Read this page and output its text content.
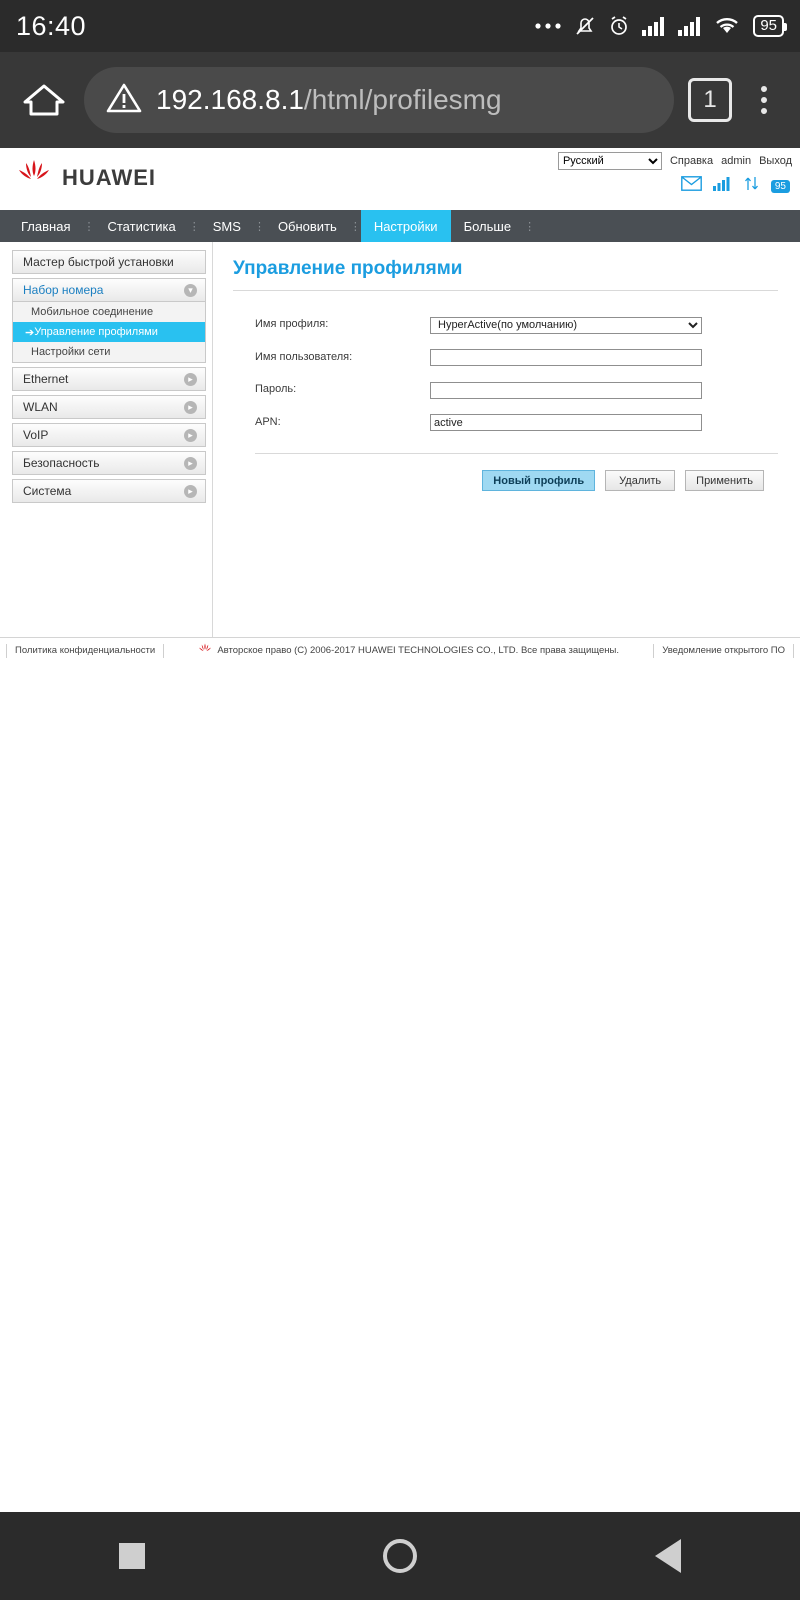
16:40	95
192.168.8.1/html/profilesmg	1
HUAWEI
Русский
Справка admin Выход
95
Главная	⋮	Статистика	⋮	SMS	⋮	Обновить	⋮	Настройки	Больше	⋮
Мастер быстрой установки
Набор номера	▾
Мобильное соединение
➔ Управление профилями
Настройки сети
Ethernet	▸
WLAN	▸
VoIP	▸
Безопасность	▸
Система	▸
Управление профилями
Имя профиля:
HyperActive(по умолчанию)
Имя пользователя:
Пароль:
APN:
active
Новый профиль	Удалить	Применить
Политика конфиденциальности	Авторское право (C) 2006-2017 HUAWEI TECHNOLOGIES CO., LTD. Все права защищены.	Уведомление открытого ПО
